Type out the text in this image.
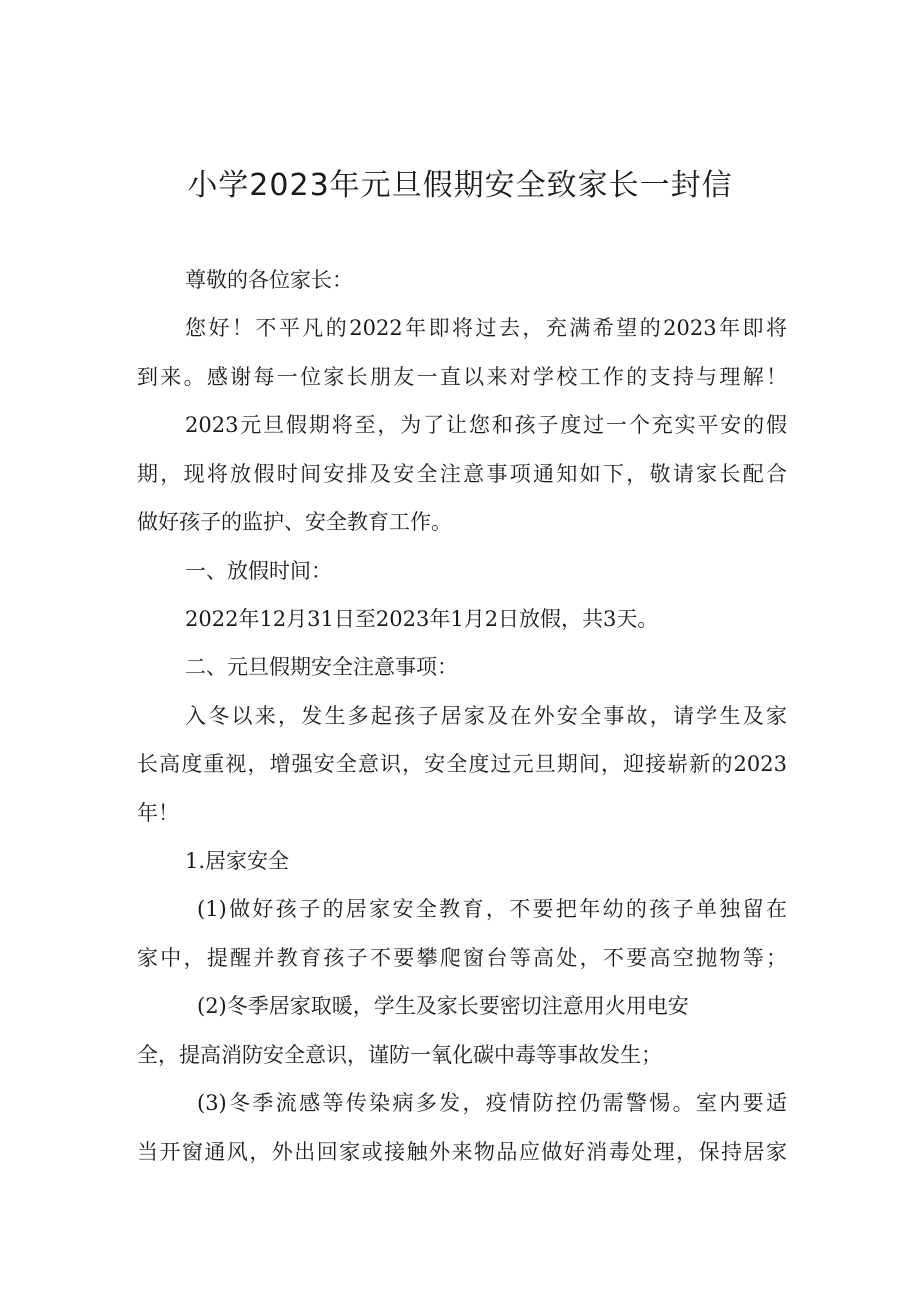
小学2023年元旦假期安全致家长一封信

尊敬的各位家长：

您好！不平凡的2022年即将过去，充满希望的2023年即将

到来。感谢每一位家长朋友一直以来对学校工作的支持与理解！

2023元旦假期将至，为了让您和孩子度过一个充实平安的假

期，现将放假时间安排及安全注意事项通知如下，敬请家长配合

做好孩子的监护、安全教育工作。

一、放假时间：

2022年12月31日至2023年1月2日放假，共3天。

二、元旦假期安全注意事项：

入冬以来，发生多起孩子居家及在外安全事故，请学生及家

长高度重视，增强安全意识，安全度过元旦期间，迎接崭新的2023

年！

1.居家安全

(1)做好孩子的居家安全教育，不要把年幼的孩子单独留在

家中，提醒并教育孩子不要攀爬窗台等高处，不要高空抛物等；

(2)冬季居家取暖，学生及家长要密切注意用火用电安

全，提高消防安全意识，谨防一氧化碳中毒等事故发生；

(3)冬季流感等传染病多发，疫情防控仍需警惕。室内要适

当开窗通风，外出回家或接触外来物品应做好消毒处理，保持居家
